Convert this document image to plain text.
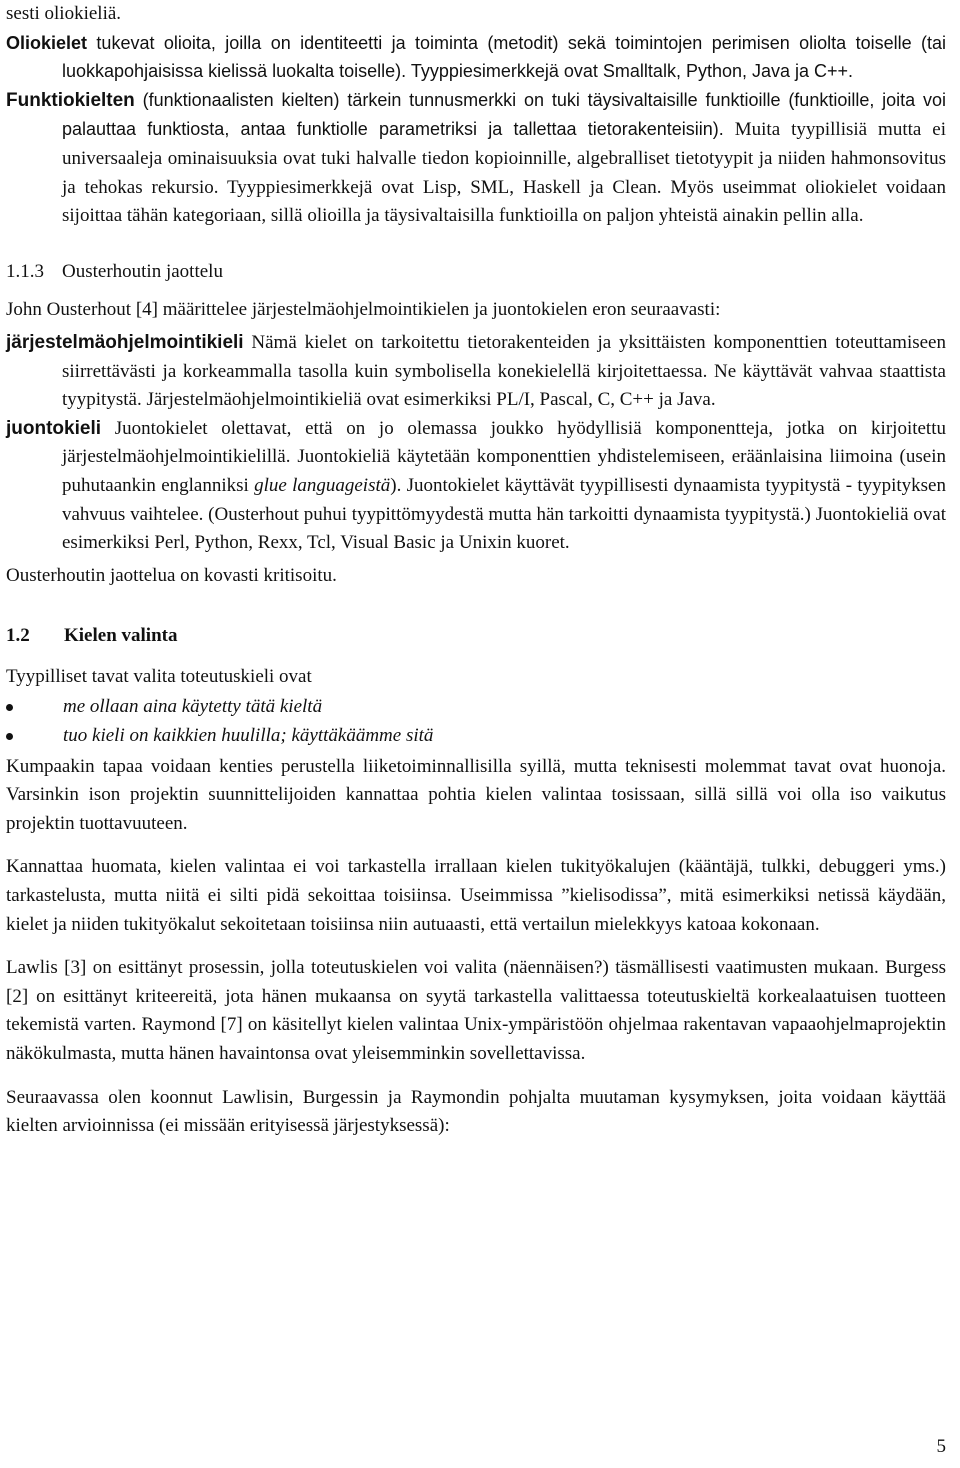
sesti oliokieliä.

Oliokielet tukevat olioita, joilla on identiteetti ja toiminta (metodit) sekä toimintojen perimisen oliolta toiselle (tai luokkapohjaisissa kielissä luokalta toiselle). Tyyppiesimerkkejä ovat Smalltalk, Python, Java ja C++.

Funktiokielten (funktionaalisten kielten) tärkein tunnusmerkki on tuki täysivaltaisille funktioille (funktioille, joita voi palauttaa funktiosta, antaa funktiolle parametriksi ja tallettaa tietorakenteisiin). Muita tyypillisiä mutta ei universaaleja ominaisuuksia ovat tuki halvalle tiedon kopioinnille, algebralliset tietotyypit ja niiden hahmonsovitus ja tehokas rekursio. Tyyppiesimerkkejä ovat Lisp, SML, Haskell ja Clean. Myös useimmat oliokielet voidaan sijoittaa tähän kategoriaan, sillä olioilla ja täysivaltaisilla funktioilla on paljon yhteistä ainakin pellin alla.

1.1.3 Ousterhoutin jaottelu

John Ousterhout [4] määrittelee järjestelmäohjelmointikielen ja juontokielen eron seuraavasti:

järjestelmäohjelmointikieli Nämä kielet on tarkoitettu tietorakenteiden ja yksittäisten komponenttien toteuttamiseen siirrettävästi ja korkeammalla tasolla kuin symbolisella konekielellä kirjoitettaessa. Ne käyttävät vahvaa staattista tyypitystä. Järjestelmäohjelmointikieliä ovat esimerkiksi PL/I, Pascal, C, C++ ja Java.

juontokieli Juontokielet olettavat, että on jo olemassa joukko hyödyllisiä komponentteja, jotka on kirjoitettu järjestelmäohjelmointikielillä. Juontokieliä käytetään komponenttien yhdistelemiseen, eräänlaisina liimoina (usein puhutaankin englanniksi glue languageistä). Juontokielet käyttävät tyypillisesti dynaamista tyypitystä - tyypityksen vahvuus vaihtelee. (Ousterhout puhui tyypittömyydestä mutta hän tarkoitti dynaamista tyypitystä.) Juontokieliä ovat esimerkiksi Perl, Python, Rexx, Tcl, Visual Basic ja Unixin kuoret.

Ousterhoutin jaottelua on kovasti kritisoitu.

1.2 Kielen valinta

Tyypilliset tavat valita toteutuskieli ovat

me ollaan aina käytetty tätä kieltä
tuo kieli on kaikkien huulilla; käyttäkäämme sitä

Kumpaakin tapaa voidaan kenties perustella liiketoiminnallisilla syillä, mutta teknisesti molemmat tavat ovat huonoja. Varsinkin ison projektin suunnittelijoiden kannattaa pohtia kielen valintaa tosissaan, sillä sillä voi olla iso vaikutus projektin tuottavuuteen.

Kannattaa huomata, kielen valintaa ei voi tarkastella irrallaan kielen tukityökalujen (kääntäjä, tulkki, debuggeri yms.) tarkastelusta, mutta niitä ei silti pidä sekoittaa toisiinsa. Useimmissa ”kielisodissa”, mitä esimerkiksi netissä käydään, kielet ja niiden tukityökalut sekoitetaan toisiinsa niin autuaasti, että vertailun mielekkyys katoaa kokonaan.

Lawlis [3] on esittänyt prosessin, jolla toteutuskielen voi valita (näennäisen?) täsmällisesti vaatimusten mukaan. Burgess [2] on esittänyt kriteereitä, jota hänen mukaansa on syytä tarkastella valittaessa toteutuskieltä korkealaatuisen tuotteen tekemistä varten. Raymond [7] on käsitellyt kielen valintaa Unix-ympäristöön ohjelmaa rakentavan vapaaohjelmaprojektin näkökulmasta, mutta hänen havaintonsa ovat yleisemminkin sovellettavissa.

Seuraavassa olen koonnut Lawlisin, Burgessin ja Raymondin pohjalta muutaman kysymyksen, joita voidaan käyttää kielten arvioinnissa (ei missään erityisessä järjestyksessä):

5
